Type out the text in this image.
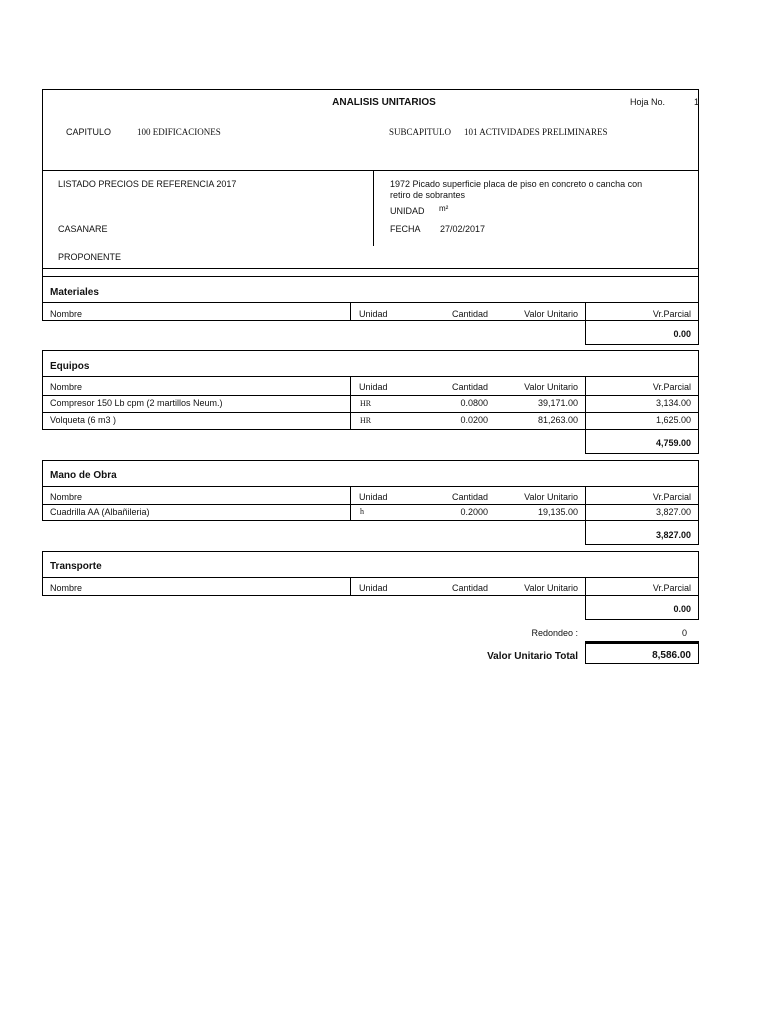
ANALISIS UNITARIOS	Hoja No.	1
CAPITULO	100 EDIFICACIONES	SUBCAPITULO 101 ACTIVIDADES PRELIMINARES
LISTADO PRECIOS DE REFERENCIA 2017	1972 Picado superficie placa de piso en concreto o cancha con
retiro de sobrantes
UNIDAD m²
CASANARE	FECHA 27/02/2017
PROPONENTE
Materiales
Nombre	Unidad	Cantidad	Valor Unitario	Vr.Parcial
0.00
Equipos
Nombre	Unidad	Cantidad	Valor Unitario	Vr.Parcial
Compresor 150 Lb cpm (2 martillos Neum.)	HR	0.0800	39,171.00	3,134.00
Volqueta (6 m3 )	HR	0.0200	81,263.00	1,625.00
4,759.00
Mano de Obra
Nombre	Unidad	Cantidad	Valor Unitario	Vr.Parcial
Cuadrilla AA (Albañileria)	h	0.2000	19,135.00	3,827.00
3,827.00
Transporte
Nombre	Unidad	Cantidad	Valor Unitario	Vr.Parcial
0.00
Redondeo :	0
Valor Unitario Total	8,586.00
